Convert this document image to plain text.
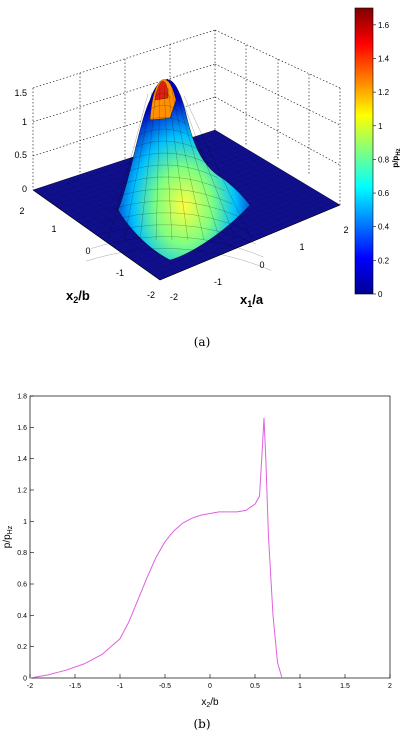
0
0.5
1
1.5
2
1
0
-1
-2
$x_2/b$	-2
-1
0
1
2
$x_1/a$	0
0.2
0.4
0.6
0.8
1
1.2
1.4
1.6
$p/p_{Hz}$
(a)
-2	-1.5	-1	-0.5	0	0.5	1	1.5	2
0
0.2
0.4
0.6
0.8
1
1.2
1.4
1.6
1.8
$x_2/b$
$p/p_{Hz}$
(b)
